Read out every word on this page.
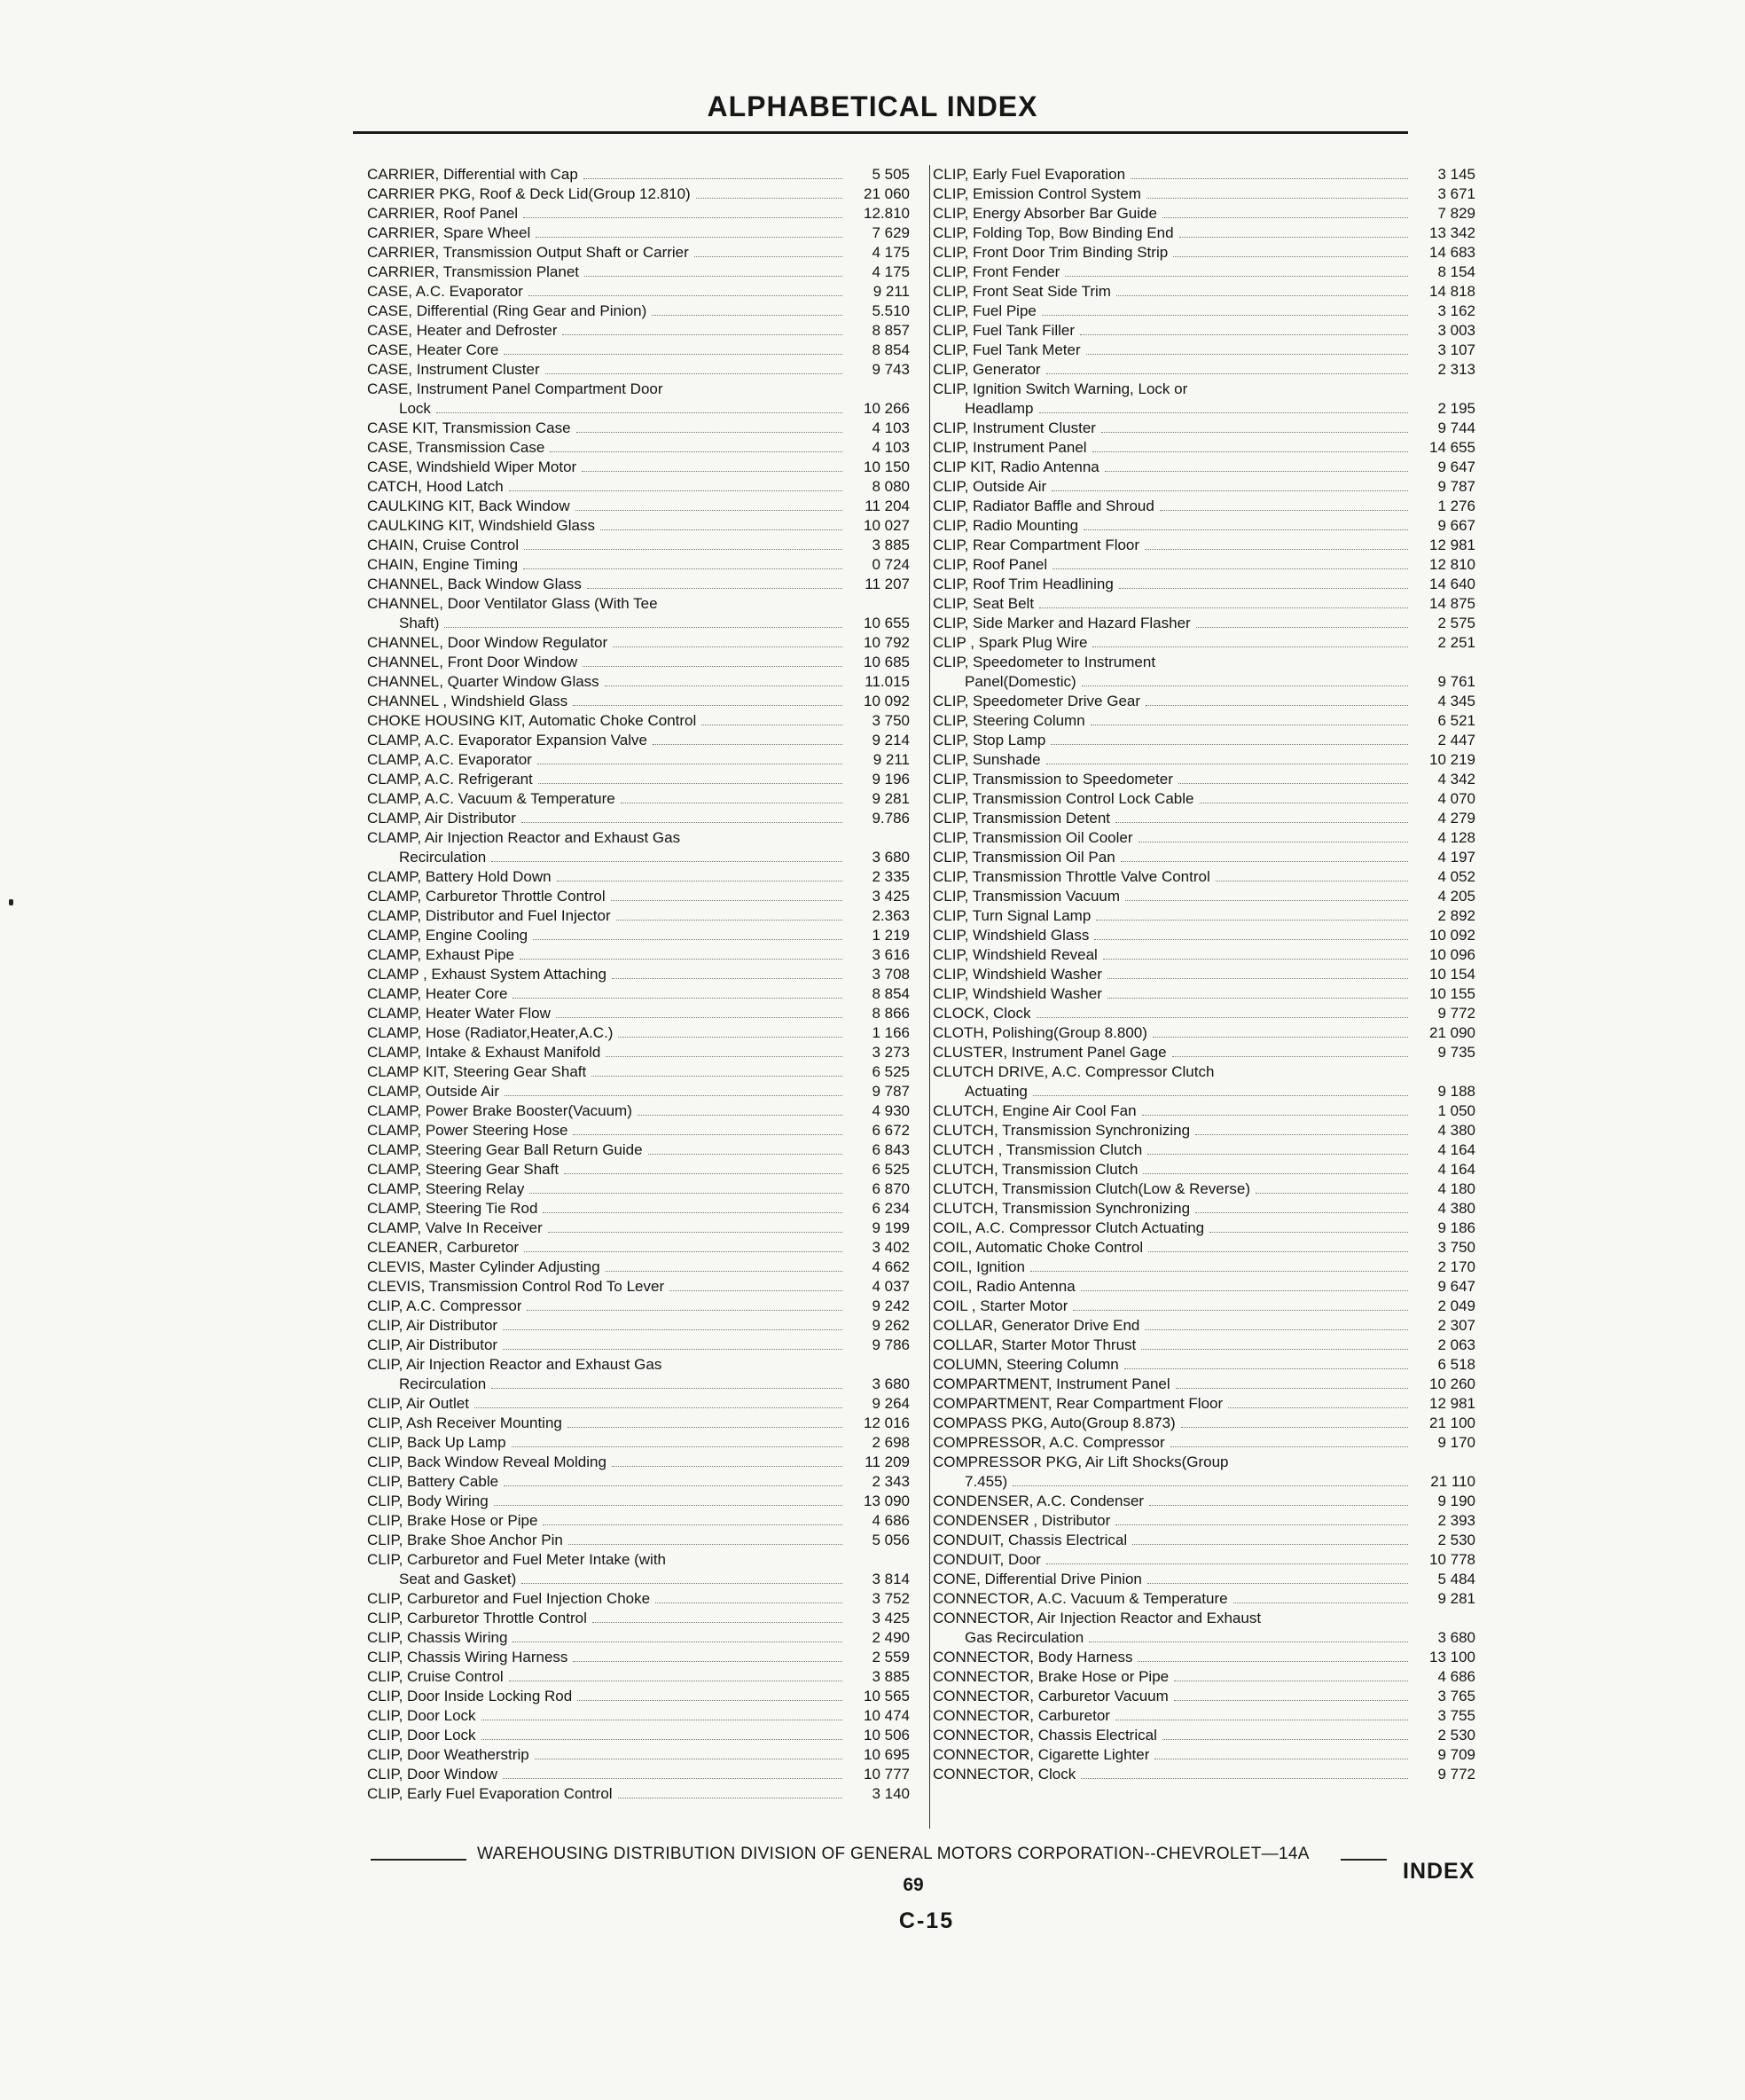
ALPHABETICAL INDEX
CARRIER, Differential with Cap	5 505
CARRIER PKG, Roof & Deck Lid(Group 12.810)	21 060
CARRIER, Roof Panel	12.810
CARRIER, Spare Wheel	7 629
CARRIER, Transmission Output Shaft or Carrier	4 175
CARRIER, Transmission Planet	4 175
CASE, A.C. Evaporator	9 211
CASE, Differential (Ring Gear and Pinion)	5.510
CASE, Heater and Defroster	8 857
CASE, Heater Core	8 854
CASE, Instrument Cluster	9 743
CASE, Instrument Panel Compartment Door
Lock	10 266
CASE KIT, Transmission Case	4 103
CASE, Transmission Case	4 103
CASE, Windshield Wiper Motor	10 150
CATCH, Hood Latch	8 080
CAULKING KIT, Back Window	11 204
CAULKING KIT, Windshield Glass	10 027
CHAIN, Cruise Control	3 885
CHAIN, Engine Timing	0 724
CHANNEL, Back Window Glass	11 207
CHANNEL, Door Ventilator Glass (With Tee
Shaft)	10 655
CHANNEL, Door Window Regulator	10 792
CHANNEL, Front Door Window	10 685
CHANNEL, Quarter Window Glass	11.015
CHANNEL , Windshield Glass	10 092
CHOKE HOUSING KIT, Automatic Choke Control	3 750
CLAMP, A.C. Evaporator Expansion Valve	9 214
CLAMP, A.C. Evaporator	9 211
CLAMP, A.C. Refrigerant	9 196
CLAMP, A.C. Vacuum & Temperature	9 281
CLAMP, Air Distributor	9.786
CLAMP, Air Injection Reactor and Exhaust Gas
Recirculation	3 680
CLAMP, Battery Hold Down	2 335
CLAMP, Carburetor Throttle Control	3 425
CLAMP, Distributor and Fuel Injector	2.363
CLAMP, Engine Cooling	1 219
CLAMP, Exhaust Pipe	3 616
CLAMP , Exhaust System Attaching	3 708
CLAMP, Heater Core	8 854
CLAMP, Heater Water Flow	8 866
CLAMP, Hose (Radiator,Heater,A.C.)	1 166
CLAMP, Intake & Exhaust Manifold	3 273
CLAMP KIT, Steering Gear Shaft	6 525
CLAMP, Outside Air	9 787
CLAMP, Power Brake Booster(Vacuum)	4 930
CLAMP, Power Steering Hose	6 672
CLAMP, Steering Gear Ball Return Guide	6 843
CLAMP, Steering Gear Shaft	6 525
CLAMP, Steering Relay	6 870
CLAMP, Steering Tie Rod	6 234
CLAMP, Valve In Receiver	9 199
CLEANER, Carburetor	3 402
CLEVIS, Master Cylinder Adjusting	4 662
CLEVIS, Transmission Control Rod To Lever	4 037
CLIP, A.C. Compressor	9 242
CLIP, Air Distributor	9 262
CLIP, Air Distributor	9 786
CLIP, Air Injection Reactor and Exhaust Gas
Recirculation	3 680
CLIP, Air Outlet	9 264
CLIP, Ash Receiver Mounting	12 016
CLIP, Back Up Lamp	2 698
CLIP, Back Window Reveal Molding	11 209
CLIP, Battery Cable	2 343
CLIP, Body Wiring	13 090
CLIP, Brake Hose or Pipe	4 686
CLIP, Brake Shoe Anchor Pin	5 056
CLIP, Carburetor and Fuel Meter Intake (with
Seat and Gasket)	3 814
CLIP, Carburetor and Fuel Injection Choke	3 752
CLIP, Carburetor Throttle Control	3 425
CLIP, Chassis Wiring	2 490
CLIP, Chassis Wiring Harness	2 559
CLIP, Cruise Control	3 885
CLIP, Door Inside Locking Rod	10 565
CLIP, Door Lock	10 474
CLIP, Door Lock	10 506
CLIP, Door Weatherstrip	10 695
CLIP, Door Window	10 777
CLIP, Early Fuel Evaporation Control	3 140
CLIP, Early Fuel Evaporation	3 145
CLIP, Emission Control System	3 671
CLIP, Energy Absorber Bar Guide	7 829
CLIP, Folding Top, Bow Binding End	13 342
CLIP, Front Door Trim Binding Strip	14 683
CLIP, Front Fender	8 154
CLIP, Front Seat Side Trim	14 818
CLIP, Fuel Pipe	3 162
CLIP, Fuel Tank Filler	3 003
CLIP, Fuel Tank Meter	3 107
CLIP, Generator	2 313
CLIP, Ignition Switch Warning, Lock or
Headlamp	2 195
CLIP, Instrument Cluster	9 744
CLIP, Instrument Panel	14 655
CLIP KIT, Radio Antenna	9 647
CLIP, Outside Air	9 787
CLIP, Radiator Baffle and Shroud	1 276
CLIP, Radio Mounting	9 667
CLIP, Rear Compartment Floor	12 981
CLIP, Roof Panel	12 810
CLIP, Roof Trim Headlining	14 640
CLIP, Seat Belt	14 875
CLIP, Side Marker and Hazard Flasher	2 575
CLIP , Spark Plug Wire	2 251
CLIP, Speedometer to Instrument
Panel(Domestic)	9 761
CLIP, Speedometer Drive Gear	4 345
CLIP, Steering Column	6 521
CLIP, Stop Lamp	2 447
CLIP, Sunshade	10 219
CLIP, Transmission to Speedometer	4 342
CLIP, Transmission Control Lock Cable	4 070
CLIP, Transmission Detent	4 279
CLIP, Transmission Oil Cooler	4 128
CLIP, Transmission Oil Pan	4 197
CLIP, Transmission Throttle Valve Control	4 052
CLIP, Transmission Vacuum	4 205
CLIP, Turn Signal Lamp	2 892
CLIP, Windshield Glass	10 092
CLIP, Windshield Reveal	10 096
CLIP, Windshield Washer	10 154
CLIP, Windshield Washer	10 155
CLOCK, Clock	9 772
CLOTH, Polishing(Group 8.800)	21 090
CLUSTER, Instrument Panel Gage	9 735
CLUTCH DRIVE, A.C. Compressor Clutch
Actuating	9 188
CLUTCH, Engine Air Cool Fan	1 050
CLUTCH, Transmission Synchronizing	4 380
CLUTCH , Transmission Clutch	4 164
CLUTCH, Transmission Clutch	4 164
CLUTCH, Transmission Clutch(Low & Reverse)	4 180
CLUTCH, Transmission Synchronizing	4 380
COIL, A.C. Compressor Clutch Actuating	9 186
COIL, Automatic Choke Control	3 750
COIL, Ignition	2 170
COIL, Radio Antenna	9 647
COIL , Starter Motor	2 049
COLLAR, Generator Drive End	2 307
COLLAR, Starter Motor Thrust	2 063
COLUMN, Steering Column	6 518
COMPARTMENT, Instrument Panel	10 260
COMPARTMENT, Rear Compartment Floor	12 981
COMPASS PKG, Auto(Group 8.873)	21 100
COMPRESSOR, A.C. Compressor	9 170
COMPRESSOR PKG, Air Lift Shocks(Group
7.455)	21 110
CONDENSER, A.C. Condenser	9 190
CONDENSER , Distributor	2 393
CONDUIT, Chassis Electrical	2 530
CONDUIT, Door	10 778
CONE, Differential Drive Pinion	5 484
CONNECTOR, A.C. Vacuum & Temperature	9 281
CONNECTOR, Air Injection Reactor and Exhaust
Gas Recirculation	3 680
CONNECTOR, Body Harness	13 100
CONNECTOR, Brake Hose or Pipe	4 686
CONNECTOR, Carburetor Vacuum	3 765
CONNECTOR, Carburetor	3 755
CONNECTOR, Chassis Electrical	2 530
CONNECTOR, Cigarette Lighter	9 709
CONNECTOR, Clock	9 772
WAREHOUSING DISTRIBUTION DIVISION OF GENERAL MOTORS CORPORATION--CHEVROLET—14A
INDEX
69
C-15
